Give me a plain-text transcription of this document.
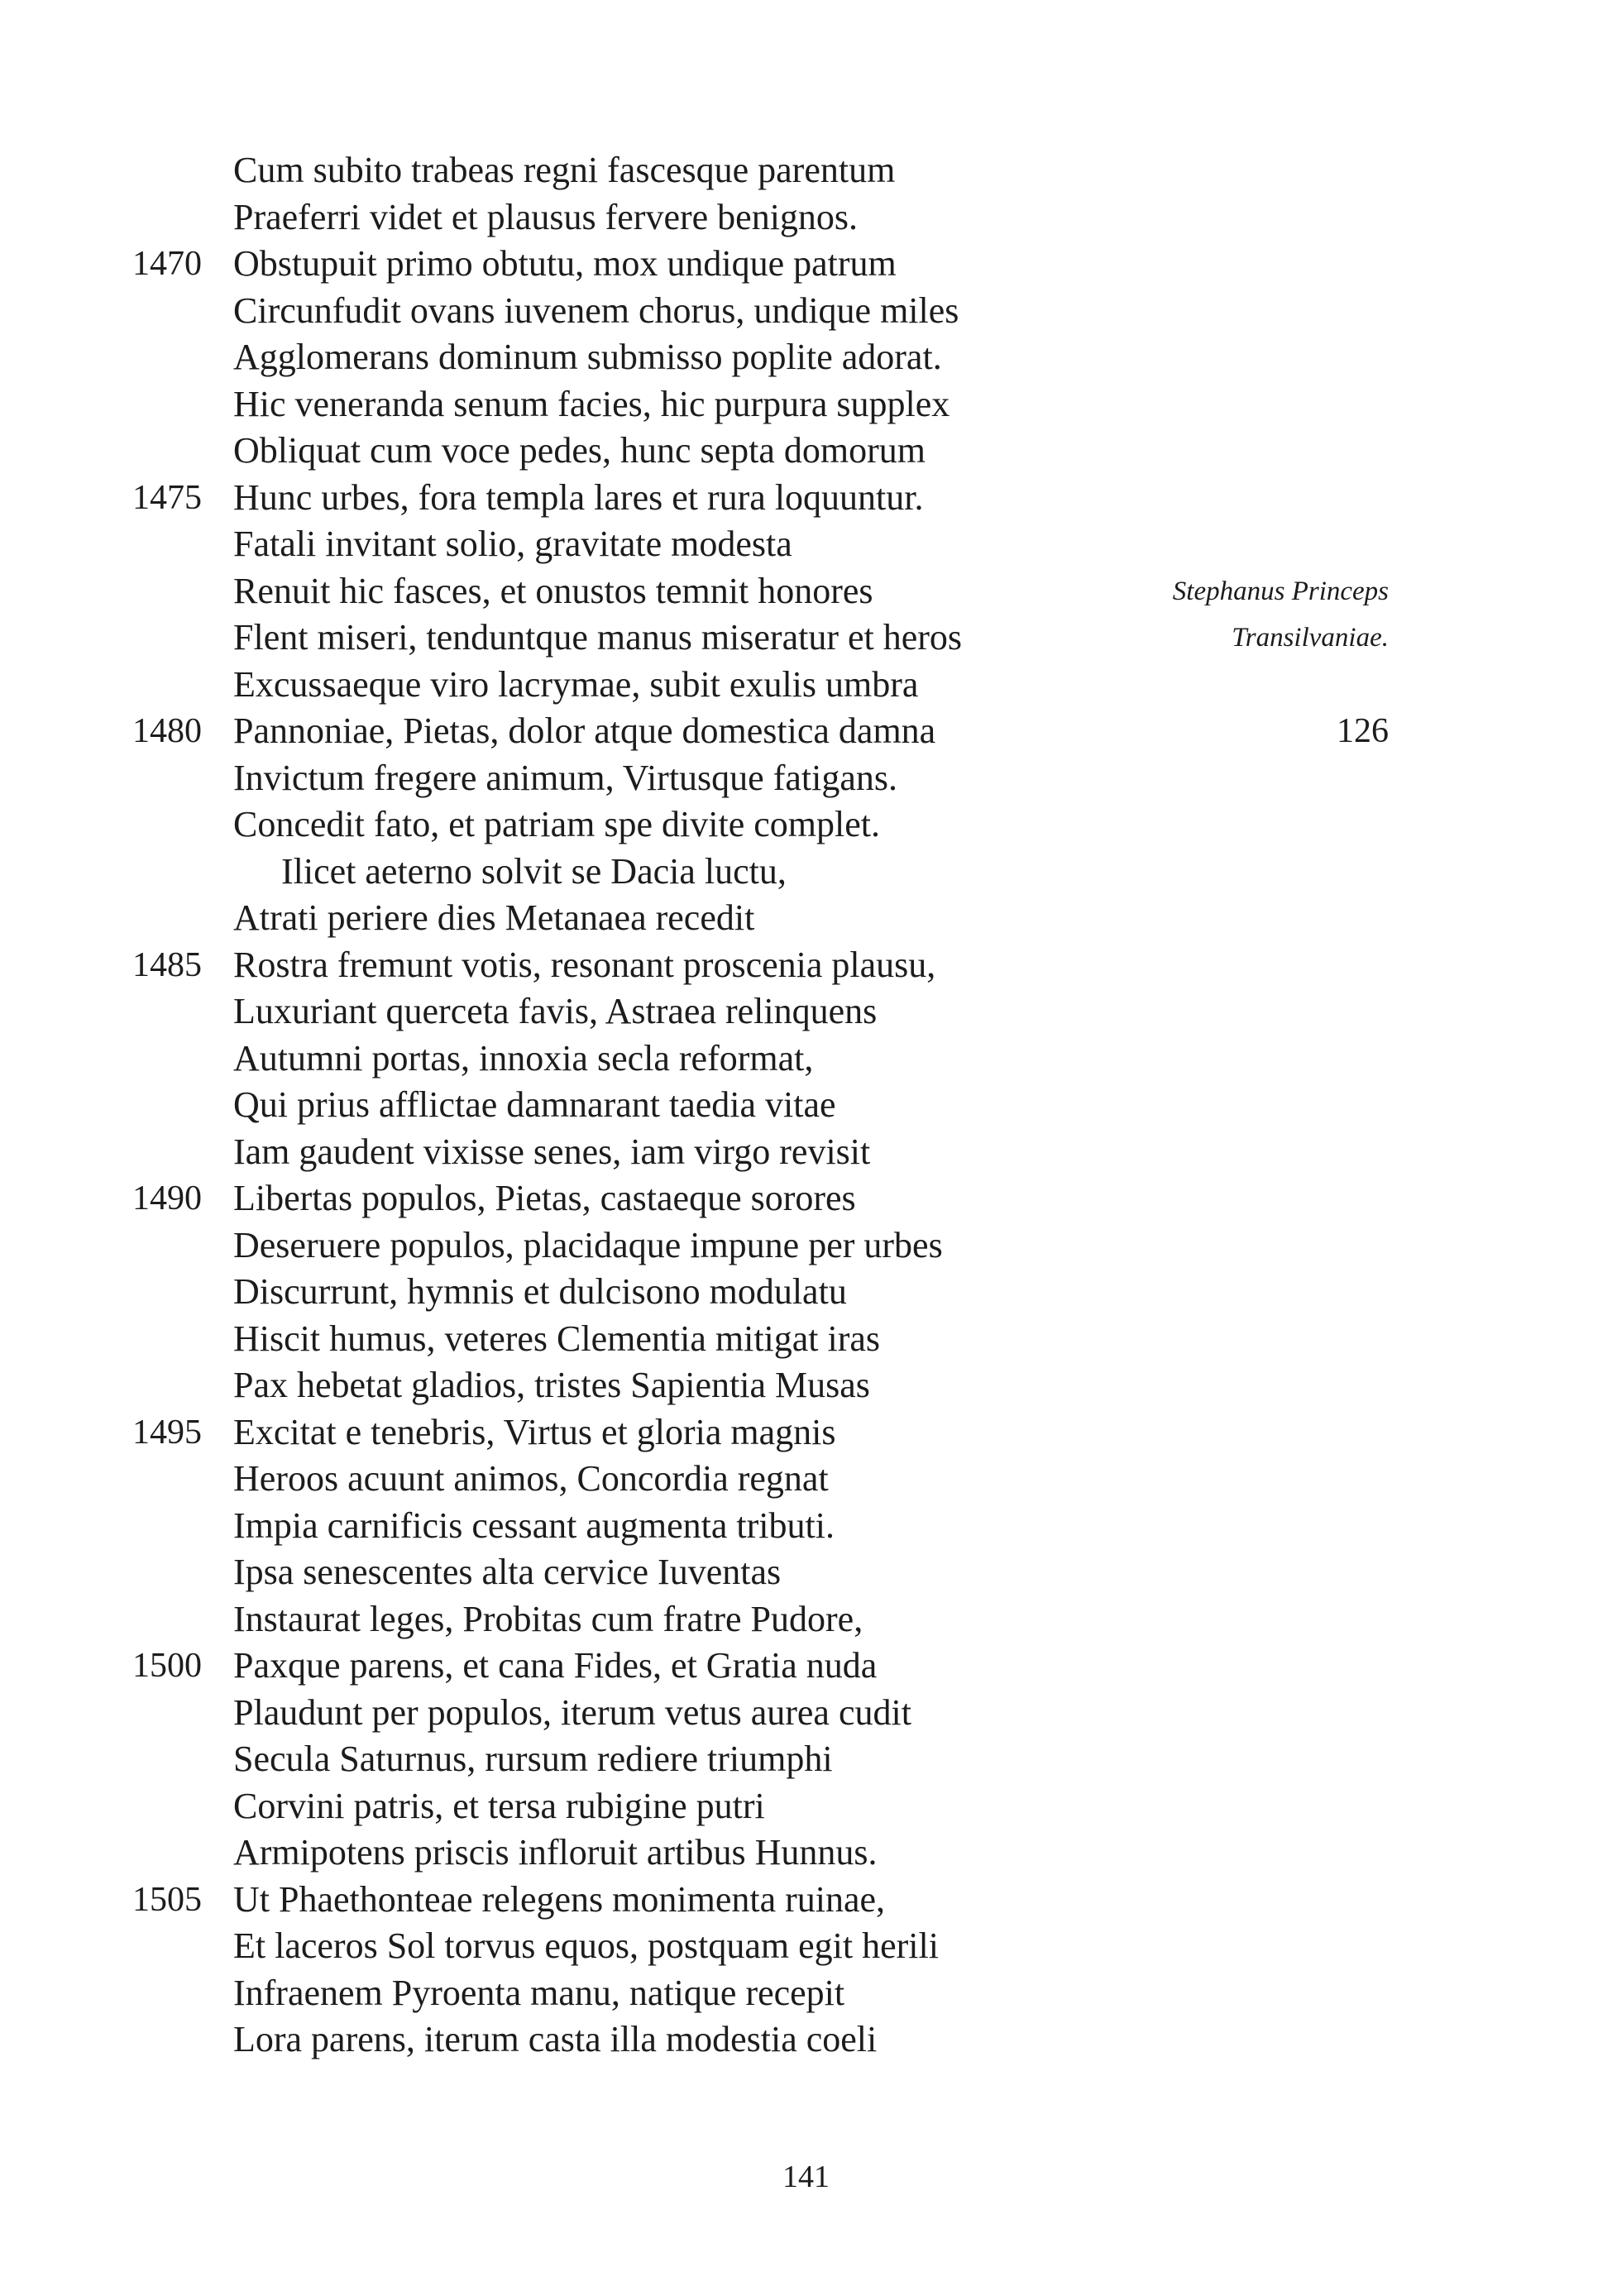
Cum subito trabeas regni fascesque parentum
Praeferri videt et plausus fervere benignos.
1470 Obstupuit primo obtutu, mox undique patrum
Circunfudit ovans iuvenem chorus, undique miles
Agglomerans dominum submisso poplite adorat.
Hic veneranda senum facies, hic purpura supplex
Obliquat cum voce pedes, hunc septa domorum
1475 Hunc urbes, fora templa lares et rura loquuntur.
Fatali invitant solio, gravitate modesta
Renuit hic fasces, et onustos temnit honores
Flent miseri, tenduntque manus miseratur et heros
Excussaeque viro lacrymae, subit exulis umbra
1480 Pannoniae, Pietas, dolor atque domestica damna
Invictum fregere animum, Virtusque fatigans.
Concedit fato, et patriam spe divite complet.
Ilicet aeterno solvit se Dacia luctu,
Atrati periere dies Metanaea recedit
1485 Rostra fremunt votis, resonant proscenia plausu,
Luxuriant querceta favis, Astraea relinquens
Autumni portas, innoxia secla reformat,
Qui prius afflictae damnarant taedia vitae
Iam gaudent vixisse senes, iam virgo revisit
1490 Libertas populos, Pietas, castaeque sorores
Deseruere populos, placidaque impune per urbes
Discurrunt, hymnis et dulcisono modulatu
Hiscit humus, veteres Clementia mitigat iras
Pax hebetat gladios, tristes Sapientia Musas
1495 Excitat e tenebris, Virtus et gloria magnis
Heroos acuunt animos, Concordia regnat
Impia carnificis cessant augmenta tributi.
Ipsa senescentes alta cervice Iuventas
Instaurat leges, Probitas cum fratre Pudore,
1500 Paxque parens, et cana Fides, et Gratia nuda
Plaudunt per populos, iterum vetus aurea cudit
Secula Saturnus, rursum rediere triumphi
Corvini patris, et tersa rubigine putri
Armipotens priscis infloruit artibus Hunnus.
1505 Ut Phaethonteae relegens monimenta ruinae,
Et laceros Sol torvus equos, postquam egit herili
Infraenem Pyroenta manu, natique recepit
Lora parens, iterum casta illa modestia coeli
Stephanus Princeps
Transilvaniae.
126
141
